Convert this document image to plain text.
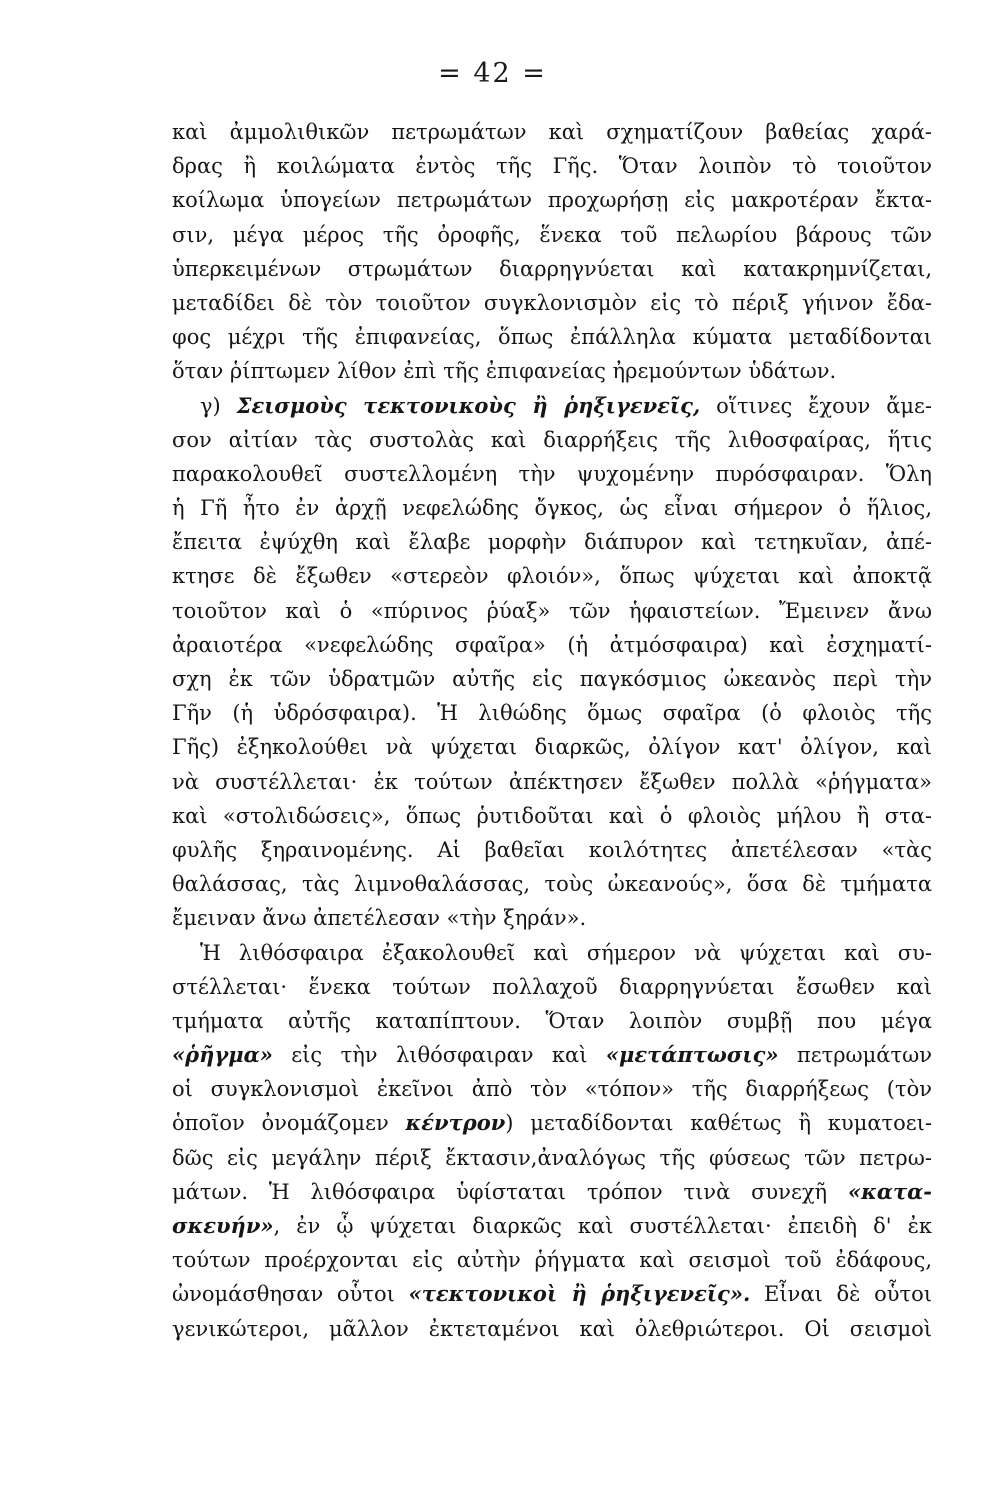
= 42 =
καὶ ἀμμολιθικῶν πετρωμάτων καὶ σχηματίζουν βαθείας χαρά-
δρας ἢ κοιλώματα ἐντὸς τῆς Γῆς. Ὅταν λοιπὸν τὸ τοιοῦτον
κοίλωμα ὑπογείων πετρωμάτων προχωρήσῃ εἰς μακροτέραν ἔκτα-
σιν, μέγα μέρος τῆς ὀροφῆς, ἕνεκα τοῦ πελωρίου βάρους τῶν
ὑπερκειμένων στρωμάτων διαρρηγνύεται καὶ κατακρημνίζεται,
μεταδίδει δὲ τὸν τοιοῦτον συγκλονισμὸν εἰς τὸ πέριξ γήινον ἔδα-
φος μέχρι τῆς ἐπιφανείας, ὅπως ἐπάλληλα κύματα μεταδίδονται
ὅταν ῥίπτωμεν λίθον ἐπὶ τῆς ἐπιφανείας ἠρεμούντων ὑδάτων.
γ) Σεισμοὺς τεκτονικοὺς ἢ ῥηξιγενεῖς, οἵτινες ἔχουν ἄμε-
σον αἰτίαν τὰς συστολὰς καὶ διαρρήξεις τῆς λιθοσφαίρας, ἥτις
παρακολουθεῖ συστελλομένη τὴν ψυχομένην πυρόσφαιραν. Ὅλη
ἡ Γῆ ἦτο ἐν ἀρχῇ νεφελώδης ὄγκος, ὡς εἶναι σήμερον ὁ ἥλιος,
ἔπειτα ἐψύχθη καὶ ἔλαβε μορφὴν διάπυρον καὶ τετηκυῖαν, ἀπέ-
κτησε δὲ ἔξωθεν «στερεὸν φλοιόν», ὅπως ψύχεται καὶ ἀποκτᾷ
τοιοῦτον καὶ ὁ «πύρινος ῥύαξ» τῶν ἡφαιστείων. Ἔμεινεν ἄνω
ἀραιοτέρα «νεφελώδης σφαῖρα» (ἡ ἀτμόσφαιρα) καὶ ἐσχηματί-
σχη ἐκ τῶν ὑδρατμῶν αὐτῆς εἰς παγκόσμιος ὠκεανὸς περὶ τὴν
Γῆν (ἡ ὑδρόσφαιρα). Ἡ λιθώδης ὅμως σφαῖρα (ὁ φλοιὸς τῆς
Γῆς) ἐξηκολούθει νὰ ψύχεται διαρκῶς, ὀλίγον κατ' ὀλίγον, καὶ
νὰ συστέλλεται· ἐκ τούτων ἀπέκτησεν ἔξωθεν πολλὰ «ῥήγματα»
καὶ «στολιδώσεις», ὅπως ῥυτιδοῦται καὶ ὁ φλοιὸς μήλου ἢ στα-
φυλῆς ξηραινομένης. Αἱ βαθεῖαι κοιλότητες ἀπετέλεσαν «τὰς
θαλάσσας, τὰς λιμνοθαλάσσας, τοὺς ὠκεανούς», ὅσα δὲ τμήματα
ἔμειναν ἄνω ἀπετέλεσαν «τὴν ξηράν».
Ἡ λιθόσφαιρα ἐξακολουθεῖ καὶ σήμερον νὰ ψύχεται καὶ συ-
στέλλεται· ἕνεκα τούτων πολλαχοῦ διαρρηγνύεται ἔσωθεν καὶ
τμήματα αὐτῆς καταπίπτουν. Ὅταν λοιπὸν συμβῇ που μέγα
«ῥῆγμα» εἰς τὴν λιθόσφαιραν καὶ «μετάπτωσις» πετρωμάτων
οἱ συγκλονισμοὶ ἐκεῖνοι ἀπὸ τὸν «τόπον» τῆς διαρρήξεως (τὸν
ὁποῖον ὀνομάζομεν κέντρον) μεταδίδονται καθέτως ἢ κυματοει-
δῶς εἰς μεγάλην πέριξ ἔκτασιν,ἀναλόγως τῆς φύσεως τῶν πετρω-
μάτων. Ἡ λιθόσφαιρα ὑφίσταται τρόπον τινὰ συνεχῆ «κατα-
σκευήν», ἐν ᾧ ψύχεται διαρκῶς καὶ συστέλλεται· ἐπειδὴ δ' ἐκ
τούτων προέρχονται εἰς αὐτὴν ῥήγματα καὶ σεισμοὶ τοῦ ἐδάφους,
ὠνομάσθησαν οὗτοι «τεκτονικοὶ ἢ ῥηξιγενεῖς». Εἶναι δὲ οὗτοι
γενικώτεροι, μᾶλλον ἐκτεταμένοι καὶ ὀλεθριώτεροι. Οἱ σεισμοὶ
